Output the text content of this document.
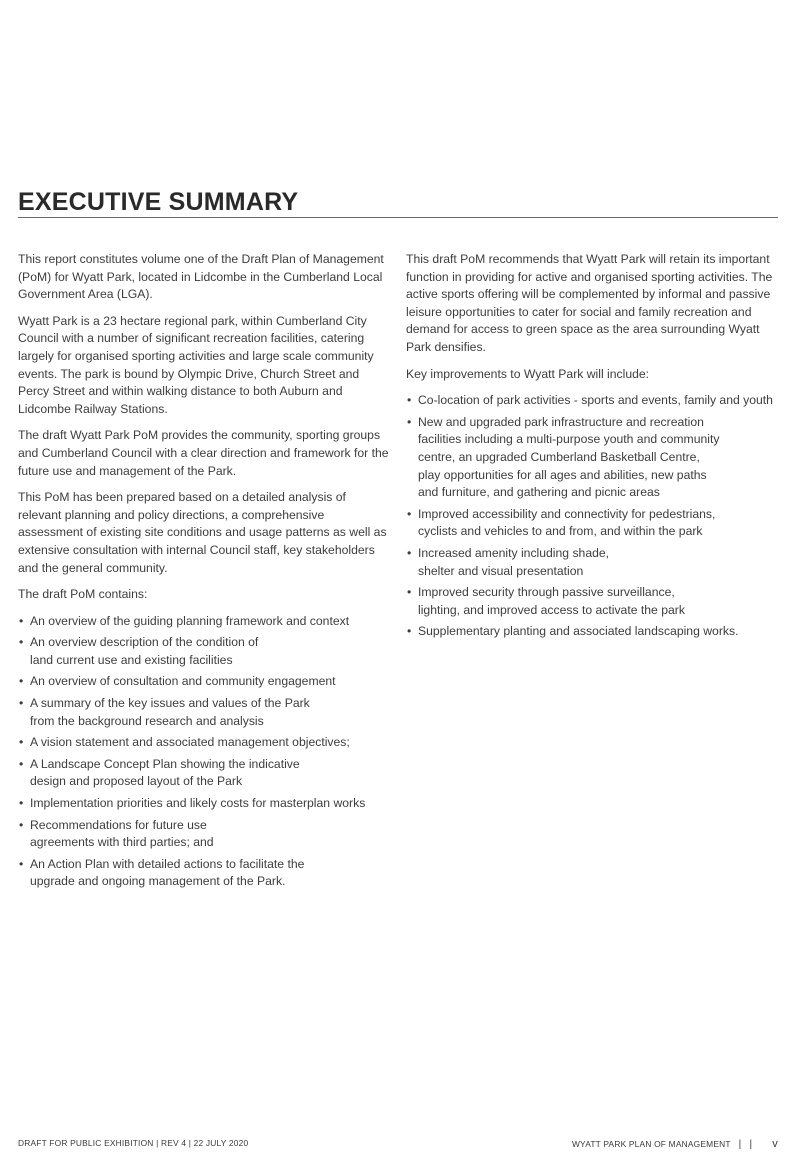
EXECUTIVE SUMMARY

This report constitutes volume one of the Draft Plan of Management (PoM) for Wyatt Park, located in Lidcombe in the Cumberland Local Government Area (LGA).

Wyatt Park is a 23 hectare regional park, within Cumberland City Council with a number of significant recreation facilities, catering largely for organised sporting activities and large scale community events. The park is bound by Olympic Drive, Church Street and Percy Street and within walking distance to both Auburn and Lidcombe Railway Stations.

The draft Wyatt Park PoM provides the community, sporting groups and Cumberland Council with a clear direction and framework for the future use and management of the Park.

This PoM has been prepared based on a detailed analysis of relevant planning and policy directions, a comprehensive assessment of existing site conditions and usage patterns as well as extensive consultation with internal Council staff, key stakeholders and the general community.

The draft PoM contains:

• An overview of the guiding planning framework and context
• An overview description of the condition of
land current use and existing facilities
• An overview of consultation and community engagement
• A summary of the key issues and values of the Park
from the background research and analysis
• A vision statement and associated management objectives;
• A Landscape Concept Plan showing the indicative
design and proposed layout of the Park
• Implementation priorities and likely costs for masterplan works
• Recommendations for future use
agreements with third parties; and
• An Action Plan with detailed actions to facilitate the
upgrade and ongoing management of the Park.

This draft PoM recommends that Wyatt Park will retain its important function in providing for active and organised sporting activities. The active sports offering will be complemented by informal and passive leisure opportunities to cater for social and family recreation and demand for access to green space as the area surrounding Wyatt Park densifies.

Key improvements to Wyatt Park will include:

• Co-location of park activities - sports and events, family and youth
• New and upgraded park infrastructure and recreation
facilities including a multi-purpose youth and community
centre, an upgraded Cumberland Basketball Centre,
play opportunities for all ages and abilities, new paths
and furniture, and gathering and picnic areas
• Improved accessibility and connectivity for pedestrians,
cyclists and vehicles to and from, and within the park
• Increased amenity including shade,
shelter and visual presentation
• Improved security through passive surveillance,
lighting, and improved access to activate the park
• Supplementary planting and associated landscaping works.
DRAFT FOR PUBLIC EXHIBITION | REV 4 | 22 JULY 2020	WYATT PARK PLAN OF MANAGEMENT | | v
